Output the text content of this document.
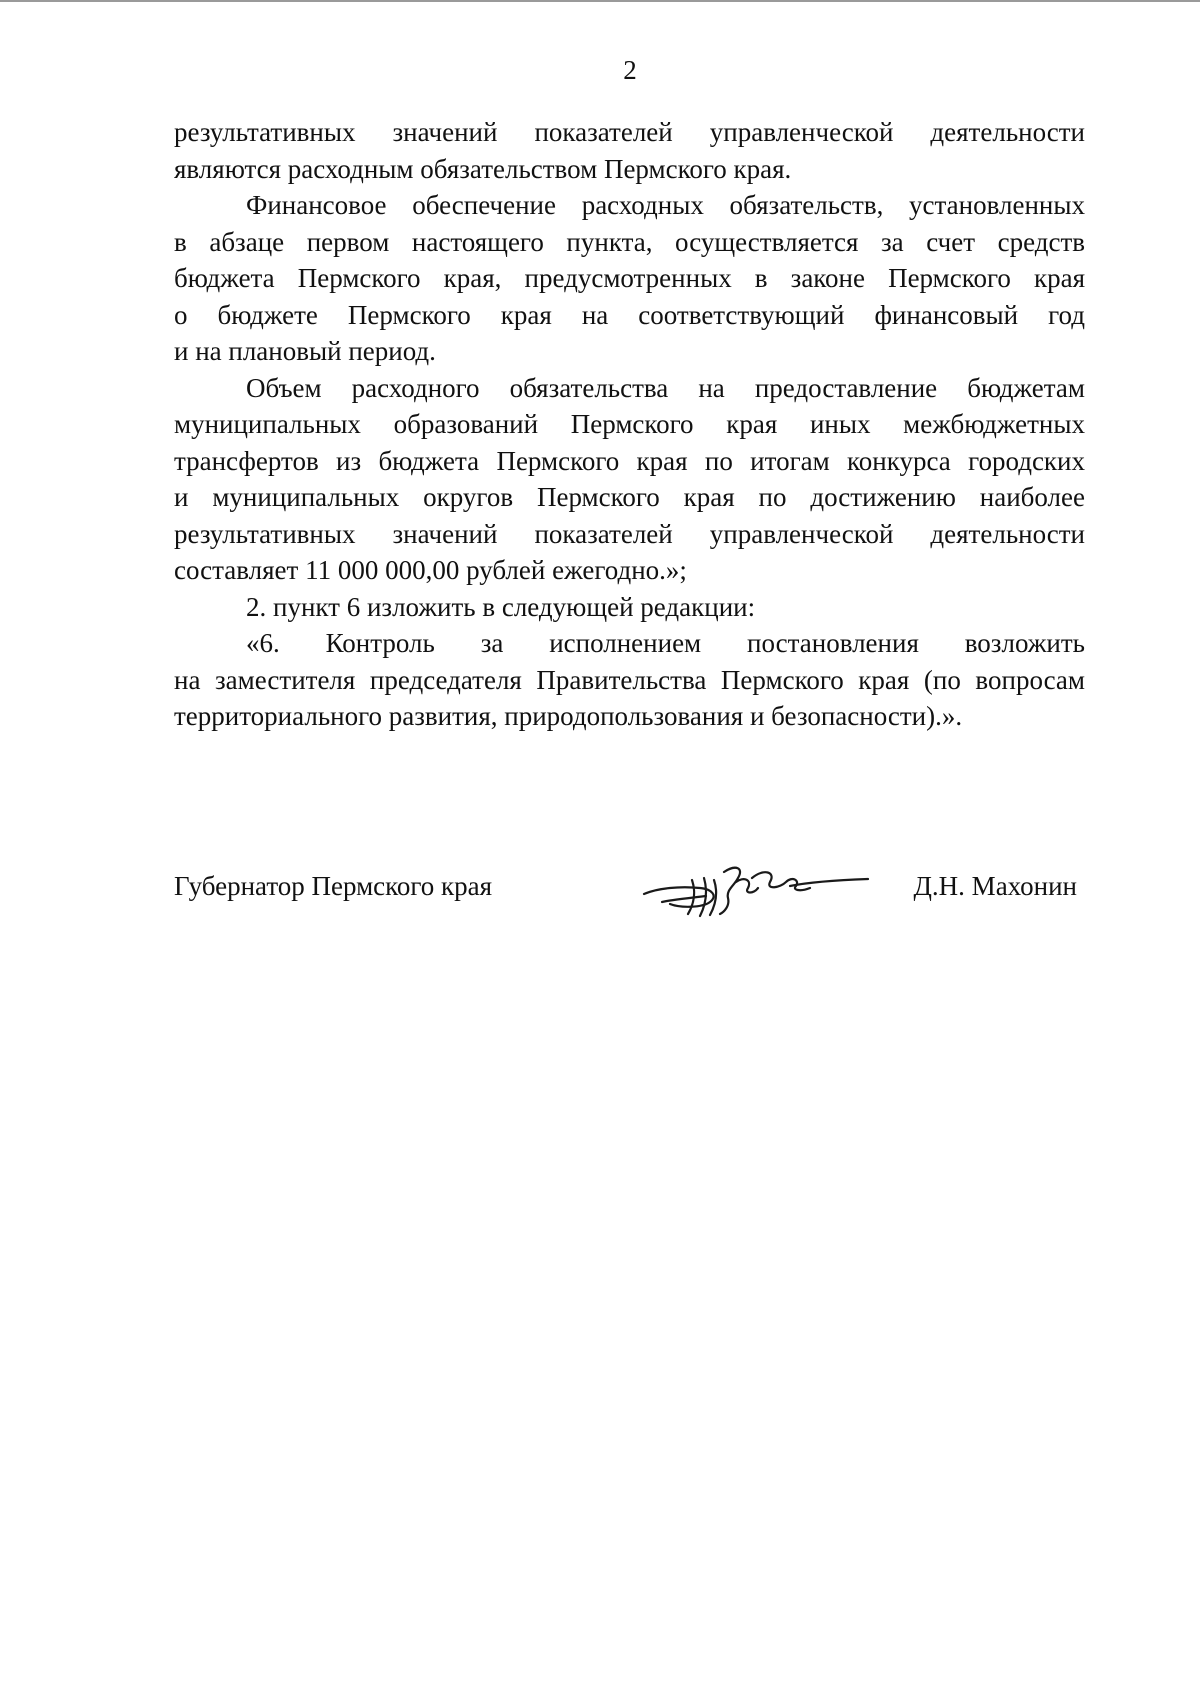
2

результативных значений показателей управленческой деятельности
являются расходным обязательством Пермского края.

Финансовое обеспечение расходных обязательств, установленных
в абзаце первом настоящего пункта, осуществляется за счет средств
бюджета Пермского края, предусмотренных в законе Пермского края
о бюджете Пермского края на соответствующий финансовый год
и на плановый период.

Объем расходного обязательства на предоставление бюджетам
муниципальных образований Пермского края иных межбюджетных
трансфертов из бюджета Пермского края по итогам конкурса городских
и муниципальных округов Пермского края по достижению наиболее
результативных значений показателей управленческой деятельности
составляет 11 000 000,00 рублей ежегодно.»;

2. пункт 6 изложить в следующей редакции:

«6. Контроль за исполнением постановления возложить
на заместителя председателя Правительства Пермского края (по вопросам
территориального развития, природопользования и безопасности).».

Губернатор Пермского края	Д.Н. Махонин
